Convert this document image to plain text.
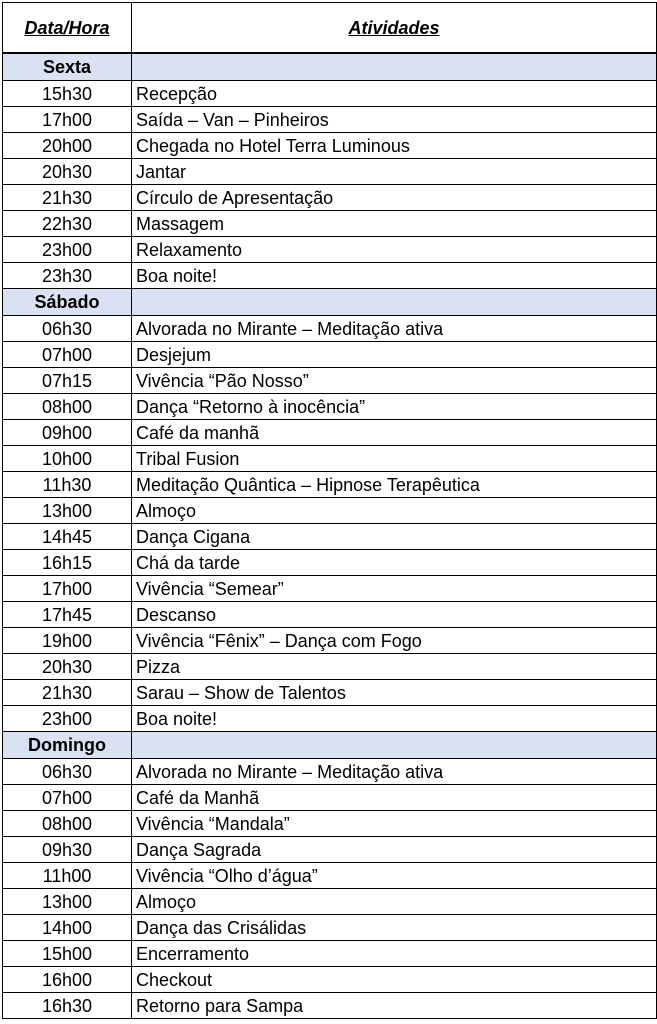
Data/Hora	Atividades
Sexta	
15h30	Recepção
17h00	Saída – Van – Pinheiros
20h00	Chegada no Hotel Terra Luminous
20h30	Jantar
21h30	Círculo de Apresentação
22h30	Massagem
23h00	Relaxamento
23h30	Boa noite!
Sábado	
06h30	Alvorada no Mirante – Meditação ativa
07h00	Desjejum
07h15	Vivência “Pão Nosso”
08h00	Dança “Retorno à inocência”
09h00	Café da manhã
10h00	Tribal Fusion
11h30	Meditação Quântica – Hipnose Terapêutica
13h00	Almoço
14h45	Dança Cigana
16h15	Chá da tarde
17h00	Vivência “Semear”
17h45	Descanso
19h00	Vivência “Fênix” – Dança com Fogo
20h30	Pizza
21h30	Sarau – Show de Talentos
23h00	Boa noite!
Domingo	
06h30	Alvorada no Mirante – Meditação ativa
07h00	Café da Manhã
08h00	Vivência “Mandala”
09h30	Dança Sagrada
11h00	Vivência “Olho d’água”
13h00	Almoço
14h00	Dança das Crisálidas
15h00	Encerramento
16h00	Checkout
16h30	Retorno para Sampa
